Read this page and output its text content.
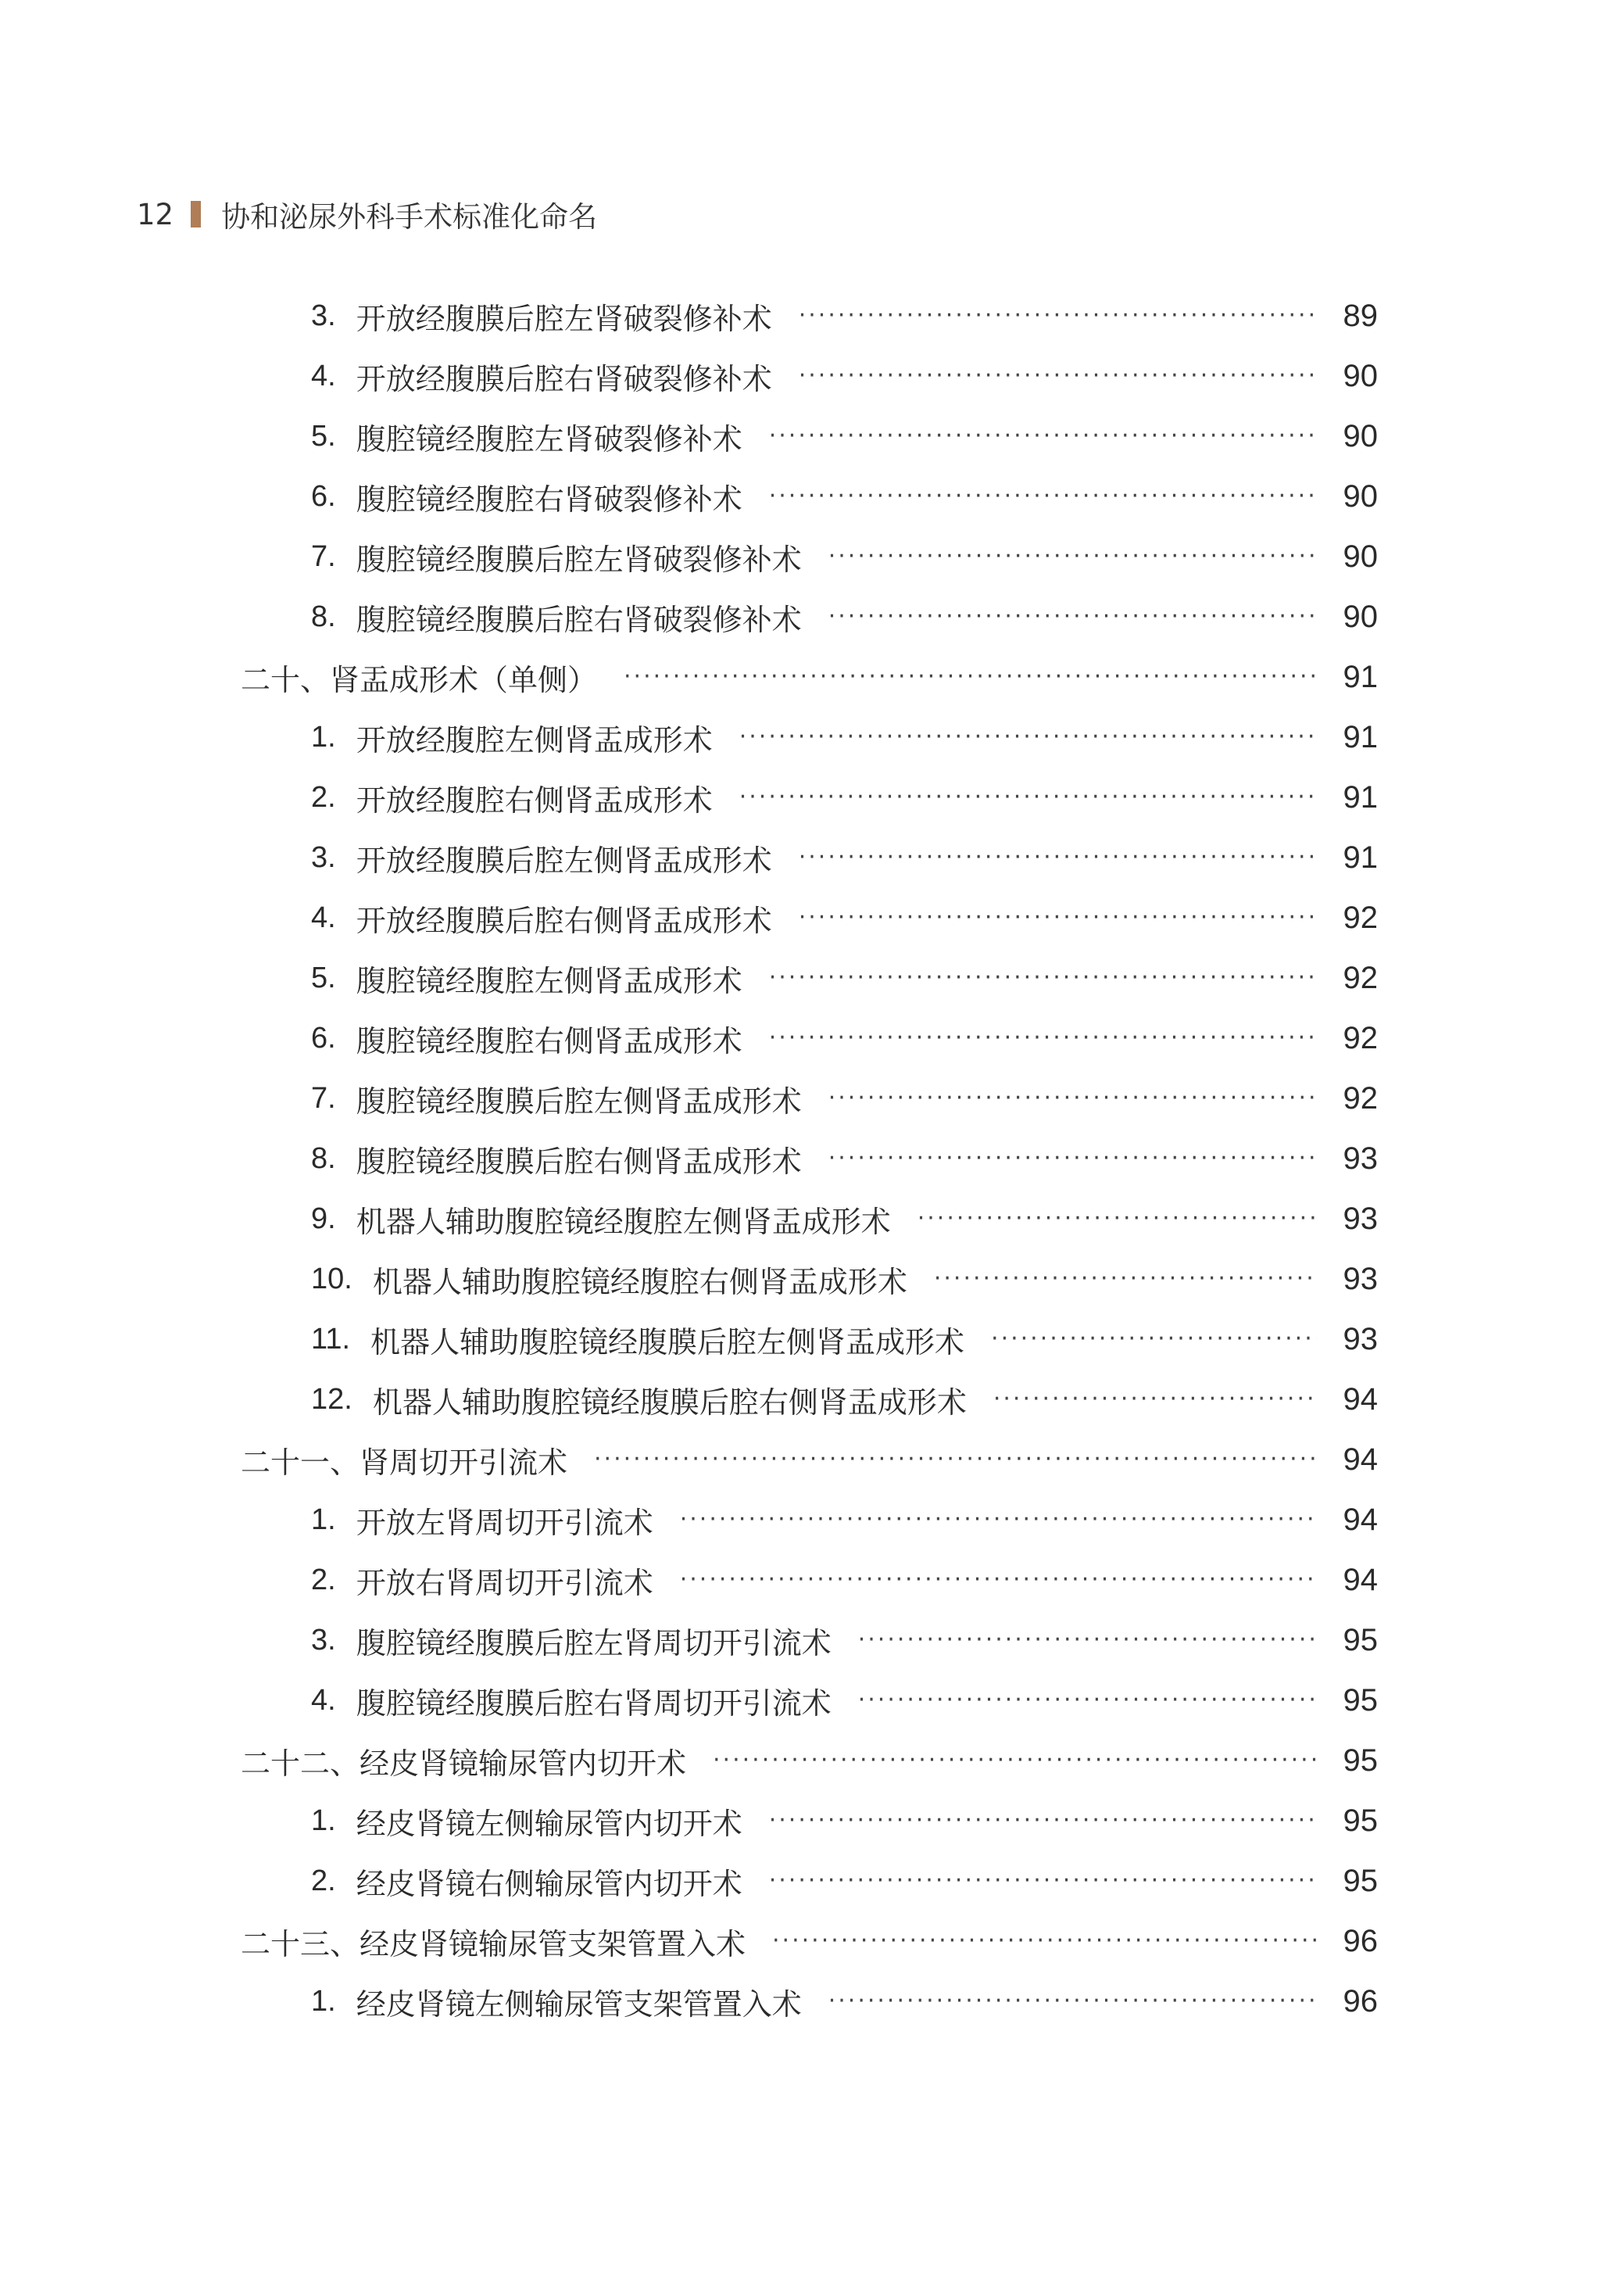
12 协和泌尿外科手术标准化命名
3. 开放经腹膜后腔左肾破裂修补术 ·····	89
4. 开放经腹膜后腔右肾破裂修补术 ·····	90
5. 腹腔镜经腹腔左肾破裂修补术 ·····	90
6. 腹腔镜经腹腔右肾破裂修补术 ·····	90
7. 腹腔镜经腹膜后腔左肾破裂修补术 ·····	90
8. 腹腔镜经腹膜后腔右肾破裂修补术 ·····	90
二十、肾盂成形术（单侧） ·····	91
1. 开放经腹腔左侧肾盂成形术 ·····	91
2. 开放经腹腔右侧肾盂成形术 ·····	91
3. 开放经腹膜后腔左侧肾盂成形术 ·····	91
4. 开放经腹膜后腔右侧肾盂成形术 ·····	92
5. 腹腔镜经腹腔左侧肾盂成形术 ·····	92
6. 腹腔镜经腹腔右侧肾盂成形术 ·····	92
7. 腹腔镜经腹膜后腔左侧肾盂成形术 ·····	92
8. 腹腔镜经腹膜后腔右侧肾盂成形术 ·····	93
9. 机器人辅助腹腔镜经腹腔左侧肾盂成形术 ·····	93
10. 机器人辅助腹腔镜经腹腔右侧肾盂成形术 ·····	93
11. 机器人辅助腹腔镜经腹膜后腔左侧肾盂成形术 ·····	93
12. 机器人辅助腹腔镜经腹膜后腔右侧肾盂成形术 ·····	94
二十一、肾周切开引流术 ·····	94
1. 开放左肾周切开引流术 ·····	94
2. 开放右肾周切开引流术 ·····	94
3. 腹腔镜经腹膜后腔左肾周切开引流术 ·····	95
4. 腹腔镜经腹膜后腔右肾周切开引流术 ·····	95
二十二、经皮肾镜输尿管内切开术 ·····	95
1. 经皮肾镜左侧输尿管内切开术 ·····	95
2. 经皮肾镜右侧输尿管内切开术 ·····	95
二十三、经皮肾镜输尿管支架管置入术 ·····	96
1. 经皮肾镜左侧输尿管支架管置入术 ·····	96
